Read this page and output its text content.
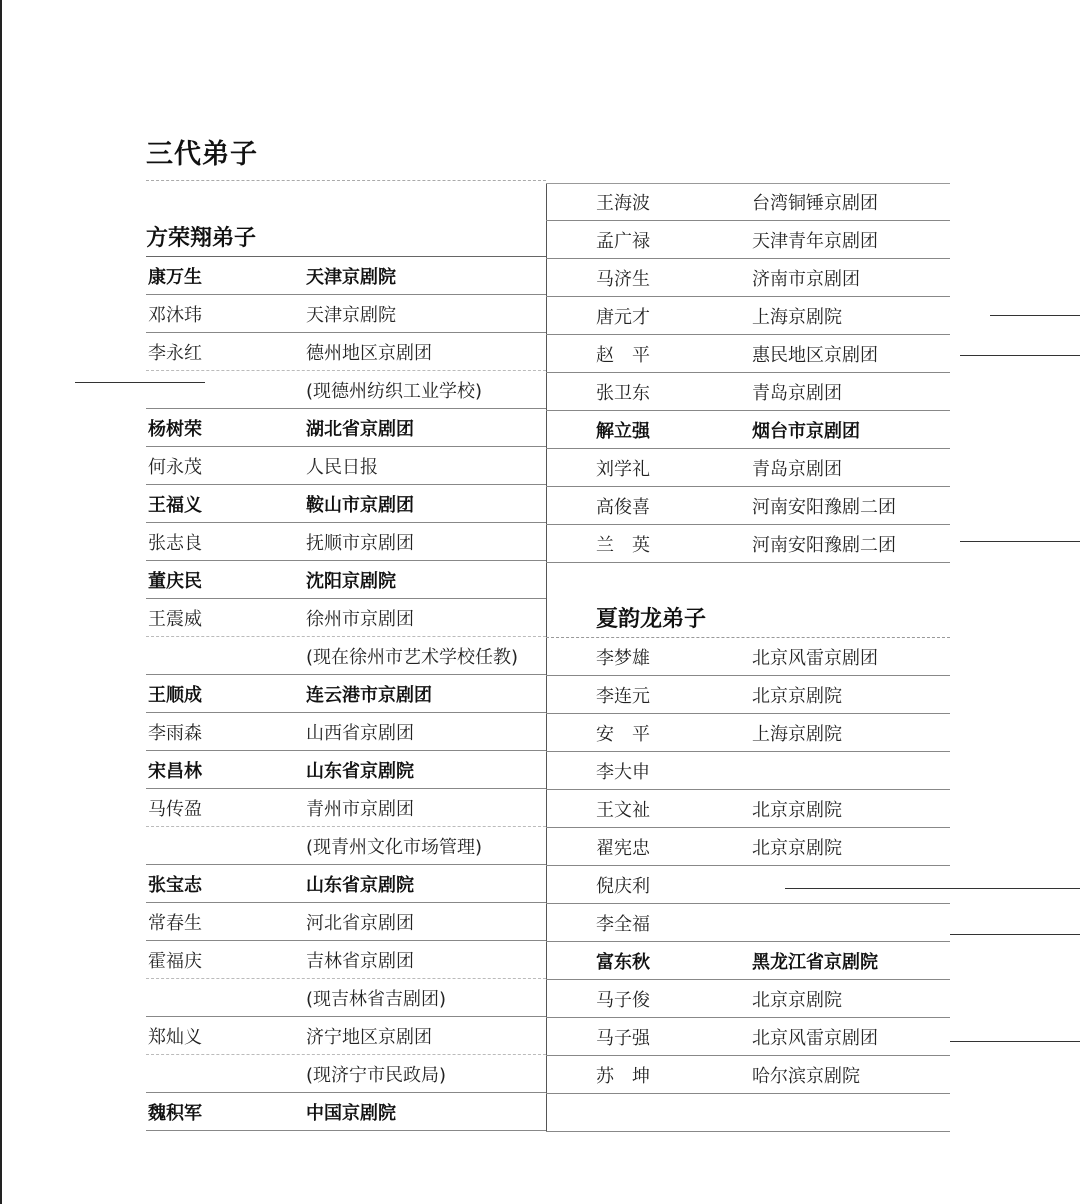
三代弟子
方荣翔弟子
康万生	天津京剧院
邓沐玮	天津京剧院
李永红	德州地区京剧团
(现德州纺织工业学校)
杨树荣	湖北省京剧团
何永茂	人民日报
王福义	鞍山市京剧团
张志良	抚顺市京剧团
董庆民	沈阳京剧院
王震威	徐州市京剧团
(现在徐州市艺术学校任教)
王顺成	连云港市京剧团
李雨森	山西省京剧团
宋昌林	山东省京剧院
马传盈	青州市京剧团
(现青州文化市场管理)
张宝志	山东省京剧院
常春生	河北省京剧团
霍福庆	吉林省京剧团
(现吉林省吉剧团)
郑灿义	济宁地区京剧团
(现济宁市民政局)
魏积军	中国京剧院
王海波	台湾铜锤京剧团
孟广禄	天津青年京剧团
马济生	济南市京剧团
唐元才	上海京剧院
赵　平	惠民地区京剧团
张卫东	青岛京剧团
解立强	烟台市京剧团
刘学礼	青岛京剧团
高俊喜	河南安阳豫剧二团
兰　英	河南安阳豫剧二团
夏韵龙弟子
李梦雄	北京风雷京剧团
李连元	北京京剧院
安　平	上海京剧院
李大申
王文祉	北京京剧院
翟宪忠	北京京剧院
倪庆利
李全福
富东秋	黑龙江省京剧院
马子俊	北京京剧院
马子强	北京风雷京剧团
苏　坤	哈尔滨京剧院
